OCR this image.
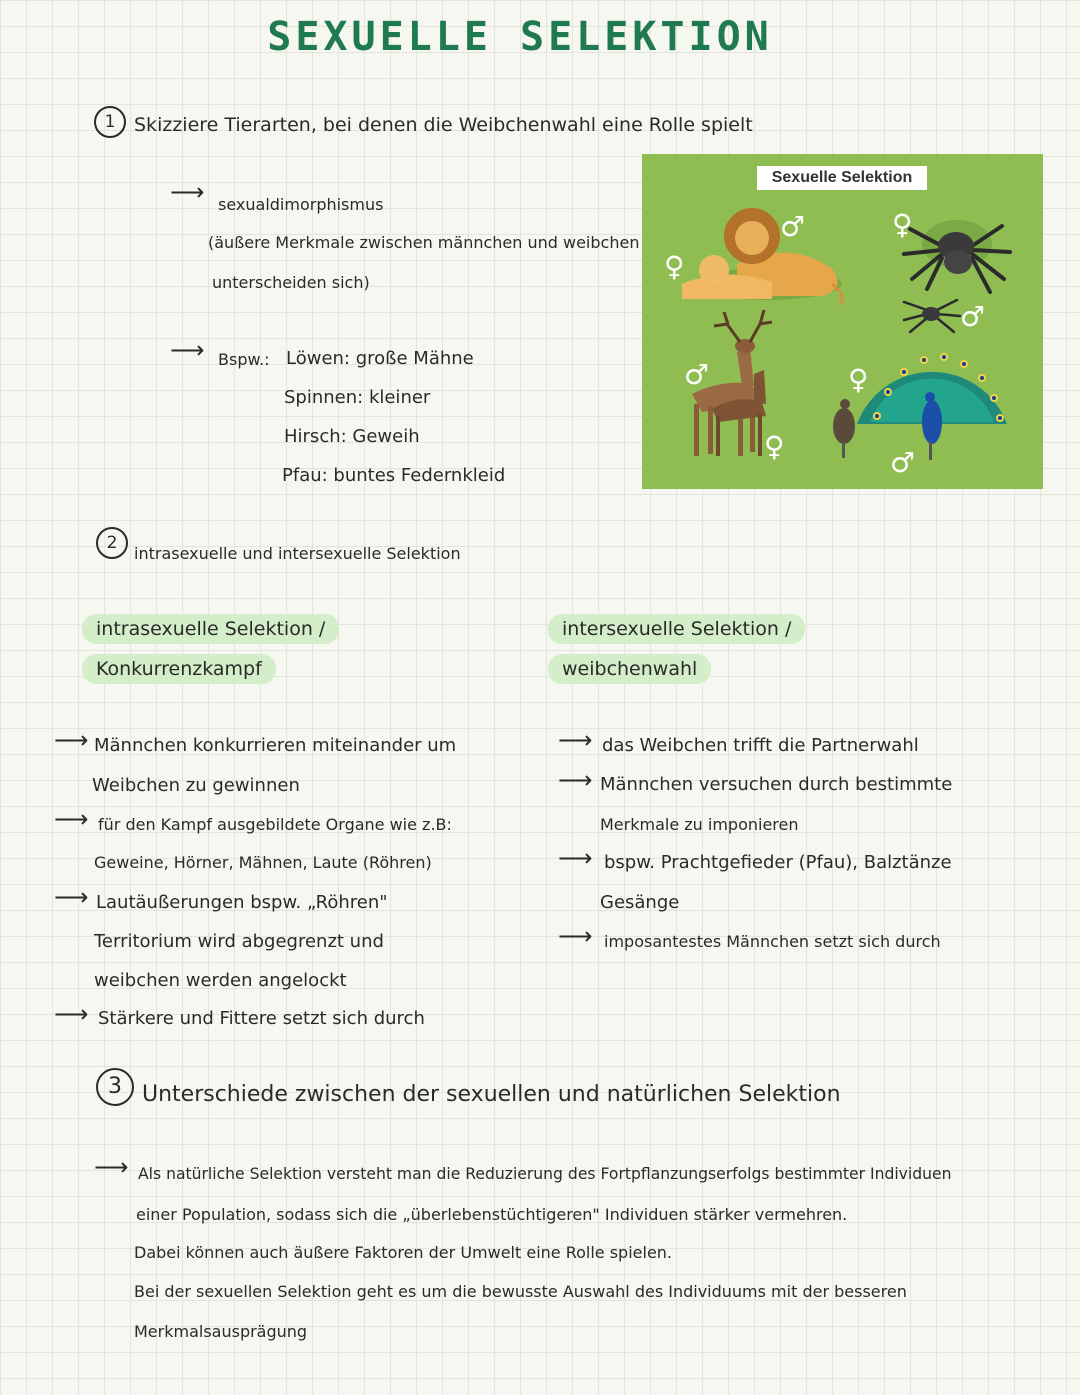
SEXUELLE SELEKTION
1 Skizziere Tierarten, bei denen die Weibchenwahl eine Rolle spielt
⟶ sexualdimorphismus
(äußere Merkmale zwischen männchen und weibchen
unterscheiden sich)
⟶ Bspw.: Löwen: große Mähne
Spinnen: kleiner
Hirsch: Geweih
Pfau: buntes Federnkleid
Sexuelle Selektion
♀
♂	♀
♂
♂
♀
♀
♂
2
intrasexuelle und intersexuelle Selektion
intrasexuelle Selektion /
Konkurrenzkampf
intersexuelle Selektion /
weibchenwahl
⟶ Männchen konkurrieren miteinander um
Weibchen zu gewinnen
⟶ für den Kampf ausgebildete Organe wie z.B:
Geweine, Hörner, Mähnen, Laute (Röhren)
⟶ Lautäußerungen bspw. „Röhren"
Territorium wird abgegrenzt und
weibchen werden angelockt
⟶ Stärkere und Fittere setzt sich durch
⟶ das Weibchen trifft die Partnerwahl
⟶ Männchen versuchen durch bestimmte
Merkmale zu imponieren
⟶ bspw. Prachtgefieder (Pfau), Balztänze
Gesänge
⟶ imposantestes Männchen setzt sich durch
3 Unterschiede zwischen der sexuellen und natürlichen Selektion
⟶ Als natürliche Selektion versteht man die Reduzierung des Fortpflanzungserfolgs bestimmter Individuen
einer Population, sodass sich die „überlebenstüchtigeren" Individuen stärker vermehren.
Dabei können auch äußere Faktoren der Umwelt eine Rolle spielen.
Bei der sexuellen Selektion geht es um die bewusste Auswahl des Individuums mit der besseren
Merkmalsausprägung
